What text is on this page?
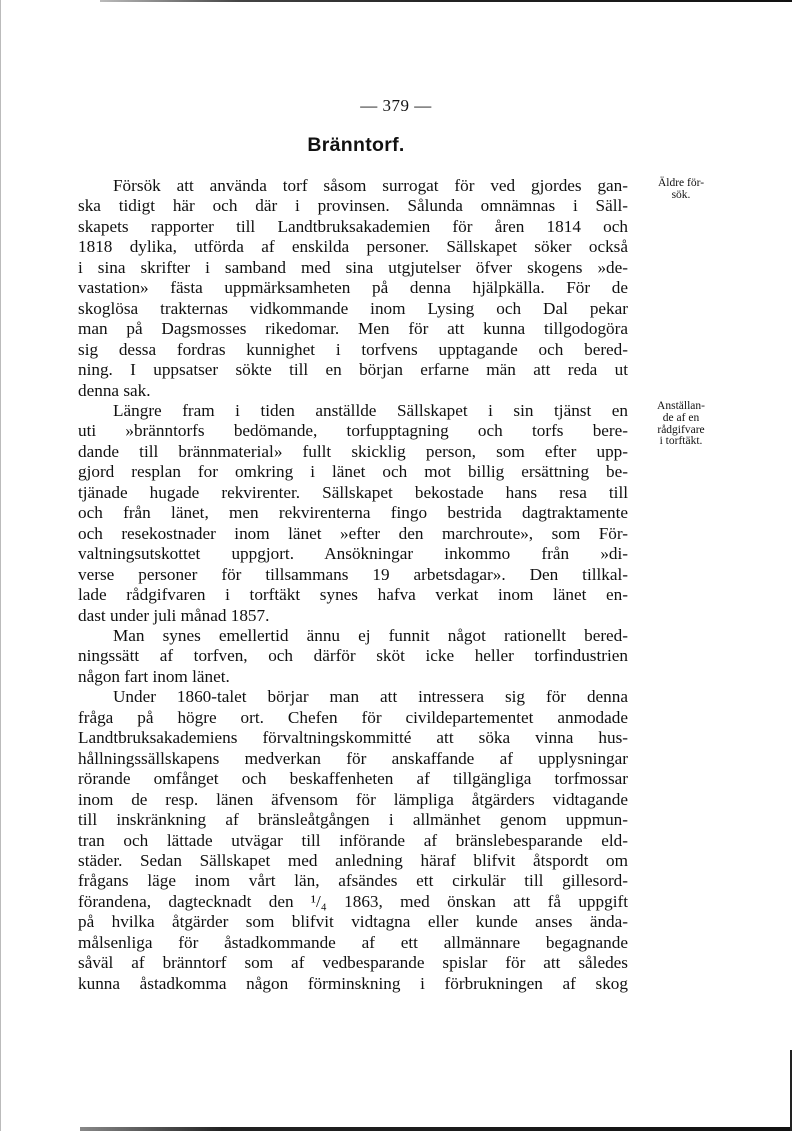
— 379 —
Bränntorf.
Äldre för-
sök.
Anställan-
de af en
rådgifvare
i torftäkt.
Försök att använda torf såsom surrogat för ved gjordes gan-
ska tidigt här och där i provinsen. Sålunda omnämnas i Säll-
skapets rapporter till Landtbruksakademien för åren 1814 och
1818 dylika, utförda af enskilda personer. Sällskapet söker också
i sina skrifter i samband med sina utgjutelser öfver skogens »de-
vastation» fästa uppmärksamheten på denna hjälpkälla. För de
skoglösa trakternas vidkommande inom Lysing och Dal pekar
man på Dagsmosses rikedomar. Men för att kunna tillgodogöra
sig dessa fordras kunnighet i torfvens upptagande och bered-
ning. I uppsatser sökte till en början erfarne män att reda ut
denna sak.
Längre fram i tiden anställde Sällskapet i sin tjänst en
uti »bränntorfs bedömande, torfupptagning och torfs bere-
dande till brännmaterial» fullt skicklig person, som efter upp-
gjord resplan for omkring i länet och mot billig ersättning be-
tjänade hugade rekvirenter. Sällskapet bekostade hans resa till
och från länet, men rekvirenterna fingo bestrida dagtraktamente
och resekostnader inom länet »efter den marchroute», som För-
valtningsutskottet uppgjort. Ansökningar inkommo från »di-
verse personer för tillsammans 19 arbetsdagar». Den tillkal-
lade rådgifvaren i torftäkt synes hafva verkat inom länet en-
dast under juli månad 1857.
Man synes emellertid ännu ej funnit något rationellt bered-
ningssätt af torfven, och därför sköt icke heller torfindustrien
någon fart inom länet.
Under 1860-talet börjar man att intressera sig för denna
fråga på högre ort. Chefen för civildepartementet anmodade
Landtbruksakademiens förvaltningskommitté att söka vinna hus-
hållningssällskapens medverkan för anskaffande af upplysningar
rörande omfånget och beskaffenheten af tillgängliga torfmossar
inom de resp. länen äfvensom för lämpliga åtgärders vidtagande
till inskränkning af bränsleåtgången i allmänhet genom uppmun-
tran och lättade utvägar till införande af bränslebesparande eld-
städer. Sedan Sällskapet med anledning häraf blifvit åtspordt om
frågans läge inom vårt län, afsändes ett cirkulär till gillesord-
förandena, dagtecknadt den ¹/₄ 1863, med önskan att få uppgift
på hvilka åtgärder som blifvit vidtagna eller kunde anses ända-
målsenliga för åstadkommande af ett allmännare begagnande
såväl af bränntorf som af vedbesparande spislar för att således
kunna åstadkomma någon förminskning i förbrukningen af skog
